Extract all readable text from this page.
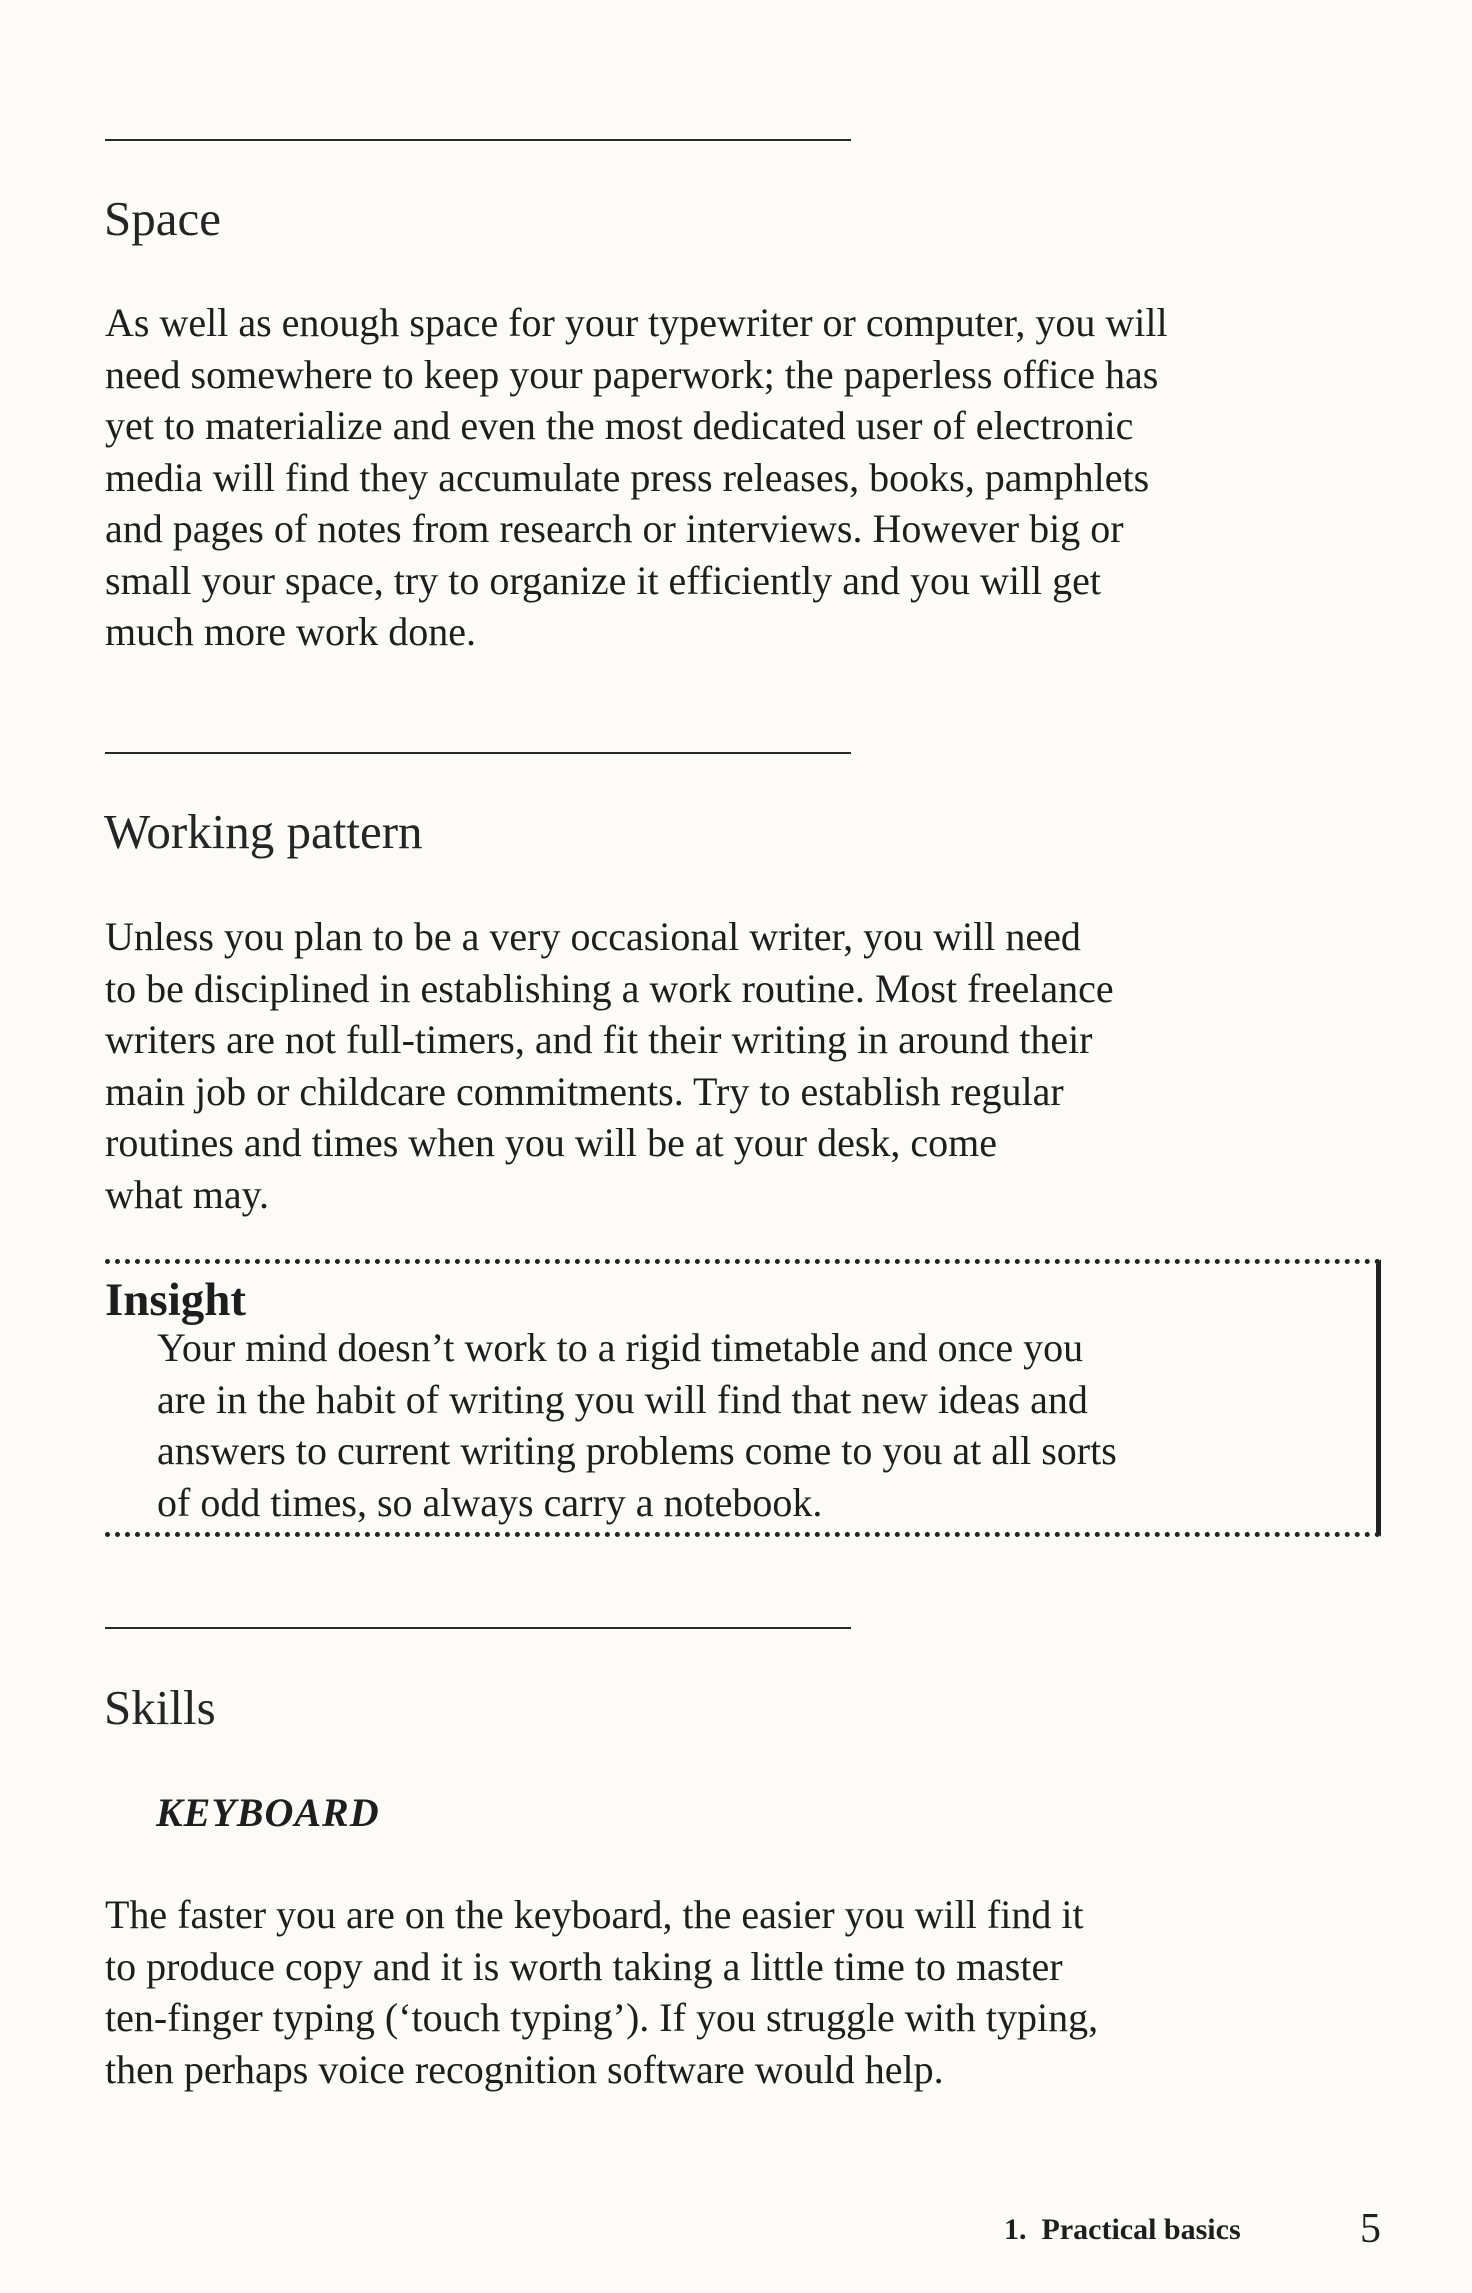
Space

As well as enough space for your typewriter or computer, you will
need somewhere to keep your paperwork; the paperless office has
yet to materialize and even the most dedicated user of electronic
media will find they accumulate press releases, books, pamphlets
and pages of notes from research or interviews. However big or
small your space, try to organize it efficiently and you will get
much more work done.

Working pattern

Unless you plan to be a very occasional writer, you will need
to be disciplined in establishing a work routine. Most freelance
writers are not full-timers, and fit their writing in around their
main job or childcare commitments. Try to establish regular
routines and times when you will be at your desk, come
what may.

Insight

Your mind doesn’t work to a rigid timetable and once you
are in the habit of writing you will find that new ideas and
answers to current writing problems come to you at all sorts
of odd times, so always carry a notebook.

Skills
KEYBOARD

The faster you are on the keyboard, the easier you will find it
to produce copy and it is worth taking a little time to master
ten-finger typing (‘touch typing’). If you struggle with typing,
then perhaps voice recognition software would help.

1.  Practical basics	5
